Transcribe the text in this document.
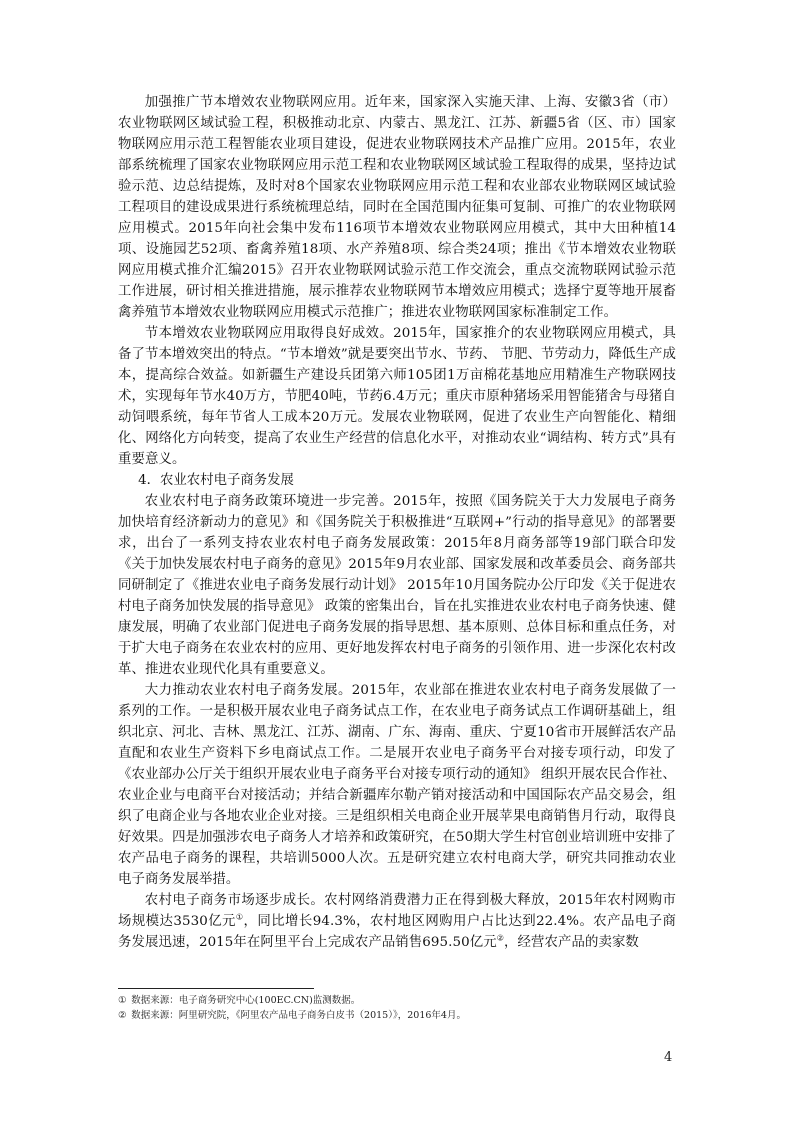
加强推广节本增效农业物联网应用。近年来，国家深入实施天津、上海、安徽3省（市）农业物联网区域试验工程，积极推动北京、内蒙古、黑龙江、江苏、新疆5省（区、市）国家物联网应用示范工程智能农业项目建设，促进农业物联网技术产品推广应用。2015年，农业部系统梳理了国家农业物联网应用示范工程和农业物联网区域试验工程取得的成果，坚持边试验示范、边总结提炼，及时对8个国家农业物联网应用示范工程和农业部农业物联网区域试验工程项目的建设成果进行系统梳理总结，同时在全国范围内征集可复制、可推广的农业物联网应用模式。2015年向社会集中发布116项节本增效农业物联网应用模式，其中大田种植14项、设施园艺52项、畜禽养殖18项、水产养殖8项、综合类24项；推出《节本增效农业物联网应用模式推介汇编2015》召开农业物联网试验示范工作交流会，重点交流物联网试验示范工作进展，研讨相关推进措施，展示推荐农业物联网节本增效应用模式；选择宁夏等地开展畜禽养殖节本增效农业物联网应用模式示范推广；推进农业物联网国家标准制定工作。

节本增效农业物联网应用取得良好成效。2015年，国家推介的农业物联网应用模式，具备了节本增效突出的特点。“节本增效”就是要突出节水、节药、 节肥、节劳动力，降低生产成本，提高综合效益。如新疆生产建设兵团第六师105团1万亩棉花基地应用精准生产物联网技术，实现每年节水40万方，节肥40吨，节药6.4万元；重庆市原种猪场采用智能猪舍与母猪自动饲喂系统，每年节省人工成本20万元。发展农业物联网，促进了农业生产向智能化、精细化、网络化方向转变，提高了农业生产经营的信息化水平，对推动农业“调结构、转方式”具有重要意义。

4．农业农村电子商务发展

农业农村电子商务政策环境进一步完善。2015年，按照《国务院关于大力发展电子商务加快培育经济新动力的意见》和《国务院关于积极推进“互联网+”行动的指导意见》的部署要求，出台了一系列支持农业农村电子商务发展政策：2015年8月商务部等19部门联合印发《关于加快发展农村电子商务的意见》2015年9月农业部、国家发展和改革委员会、商务部共同研制定了《推进农业电子商务发展行动计划》 2015年10月国务院办公厅印发《关于促进农村电子商务加快发展的指导意见》 政策的密集出台，旨在扎实推进农业农村电子商务快速、健康发展，明确了农业部门促进电子商务发展的指导思想、基本原则、总体目标和重点任务，对于扩大电子商务在农业农村的应用、更好地发挥农村电子商务的引领作用、进一步深化农村改革、推进农业现代化具有重要意义。

大力推动农业农村电子商务发展。2015年，农业部在推进农业农村电子商务发展做了一系列的工作。一是积极开展农业电子商务试点工作，在农业电子商务试点工作调研基础上，组织北京、河北、吉林、黑龙江、江苏、湖南、广东、海南、重庆、宁夏10省市开展鲜活农产品直配和农业生产资料下乡电商试点工作。二是展开农业电子商务平台对接专项行动，印发了《农业部办公厅关于组织开展农业电子商务平台对接专项行动的通知》 组织开展农民合作社、农业企业与电商平台对接活动；并结合新疆库尔勒产销对接活动和中国国际农产品交易会，组织了电商企业与各地农业企业对接。三是组织相关电商企业开展苹果电商销售月行动，取得良好效果。四是加强涉农电子商务人才培养和政策研究，在50期大学生村官创业培训班中安排了农产品电子商务的课程，共培训5000人次。五是研究建立农村电商大学，研究共同推动农业电子商务发展举措。

农村电子商务市场逐步成长。农村网络消费潜力正在得到极大释放，2015年农村网购市场规模达3530亿元①，同比增长94.3%，农村地区网购用户占比达到22.4%。农产品电子商务发展迅速，2015年在阿里平台上完成农产品销售695.50亿元②，经营农产品的卖家数

① 数据来源：电子商务研究中心(100EC.CN)监测数据。
② 数据来源：阿里研究院，《阿里农产品电子商务白皮书（2015）》，2016年4月。
4
